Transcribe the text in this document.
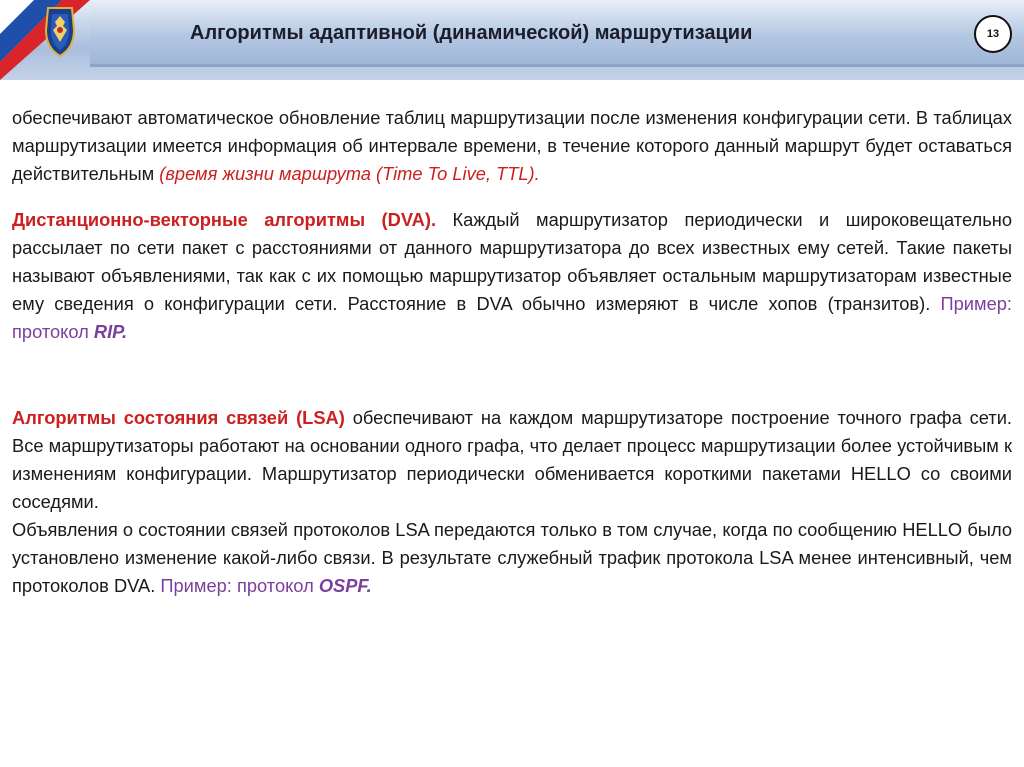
Алгоритмы адаптивной (динамической) маршрутизации	13

обеспечивают автоматическое обновление таблиц маршрутизации после изменения конфигурации сети. В таблицах маршрутизации имеется информация об интервале времени, в течение которого данный маршрут будет оставаться действительным (время жизни маршрута (Time To Live, TTL).

Дистанционно-векторные алгоритмы (DVA). Каждый маршрутизатор периодически и широковещательно рассылает по сети пакет с расстояниями от данного маршрутизатора до всех известных ему сетей. Такие пакеты называют объявлениями, так как с их помощью маршрутизатор объявляет остальным маршрутизаторам известные ему сведения о конфигурации сети. Расстояние в DVA обычно измеряют в числе хопов (транзитов). Пример: протокол RIP.

Алгоритмы состояния связей (LSA) обеспечивают на каждом маршрутизаторе построение точного графа сети. Все маршрутизаторы работают на основании одного графа, что делает процесс маршрутизации более устойчивым к изменениям конфигурации. Маршрутизатор периодически обменивается короткими пакетами HELLO со своими соседями.

Объявления о состоянии связей протоколов LSA передаются только в том случае, когда по сообщению HELLO было установлено изменение какой-либо связи. В результате служебный трафик протокола LSA менее интенсивный, чем протоколов DVA. Пример: протокол OSPF.
